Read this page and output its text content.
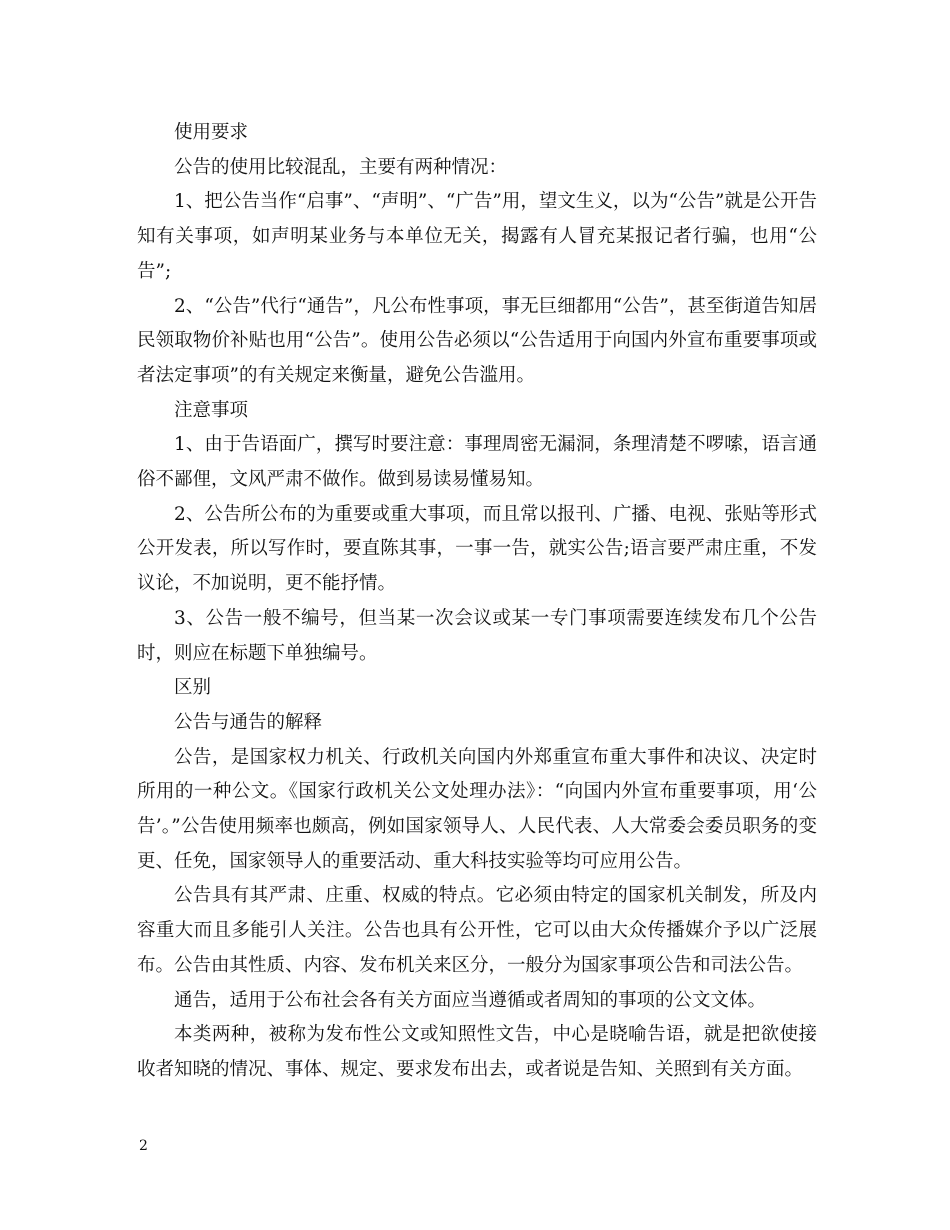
使用要求

公告的使用比较混乱，主要有两种情况：

1、把公告当作“启事”、“声明”、“广告”用，望文生义，以为“公告”就是公开告知有关事项，如声明某业务与本单位无关，揭露有人冒充某报记者行骗，也用“公告”;

2、“公告”代行“通告”，凡公布性事项，事无巨细都用“公告”，甚至街道告知居民领取物价补贴也用“公告”。使用公告必须以“公告适用于向国内外宣布重要事项或者法定事项”的有关规定来衡量，避免公告滥用。

注意事项

1、由于告语面广，撰写时要注意：事理周密无漏洞，条理清楚不啰嗦，语言通俗不鄙俚，文风严肃不做作。做到易读易懂易知。

2、公告所公布的为重要或重大事项，而且常以报刊、广播、电视、张贴等形式公开发表，所以写作时，要直陈其事，一事一告，就实公告;语言要严肃庄重，不发议论，不加说明，更不能抒情。

3、公告一般不编号，但当某一次会议或某一专门事项需要连续发布几个公告时，则应在标题下单独编号。

区别

公告与通告的解释

公告，是国家权力机关、行政机关向国内外郑重宣布重大事件和决议、决定时所用的一种公文。《国家行政机关公文处理办法》：“向国内外宣布重要事项，用‘公告’。”公告使用频率也颇高，例如国家领导人、人民代表、人大常委会委员职务的变更、任免，国家领导人的重要活动、重大科技实验等均可应用公告。

公告具有其严肃、庄重、权威的特点。它必须由特定的国家机关制发，所及内容重大而且多能引人关注。公告也具有公开性，它可以由大众传播媒介予以广泛展布。公告由其性质、内容、发布机关来区分，一般分为国家事项公告和司法公告。

通告，适用于公布社会各有关方面应当遵循或者周知的事项的公文文体。

本类两种，被称为发布性公文或知照性文告，中心是晓喻告语，就是把欲使接收者知晓的情况、事体、规定、要求发布出去，或者说是告知、关照到有关方面。

2
